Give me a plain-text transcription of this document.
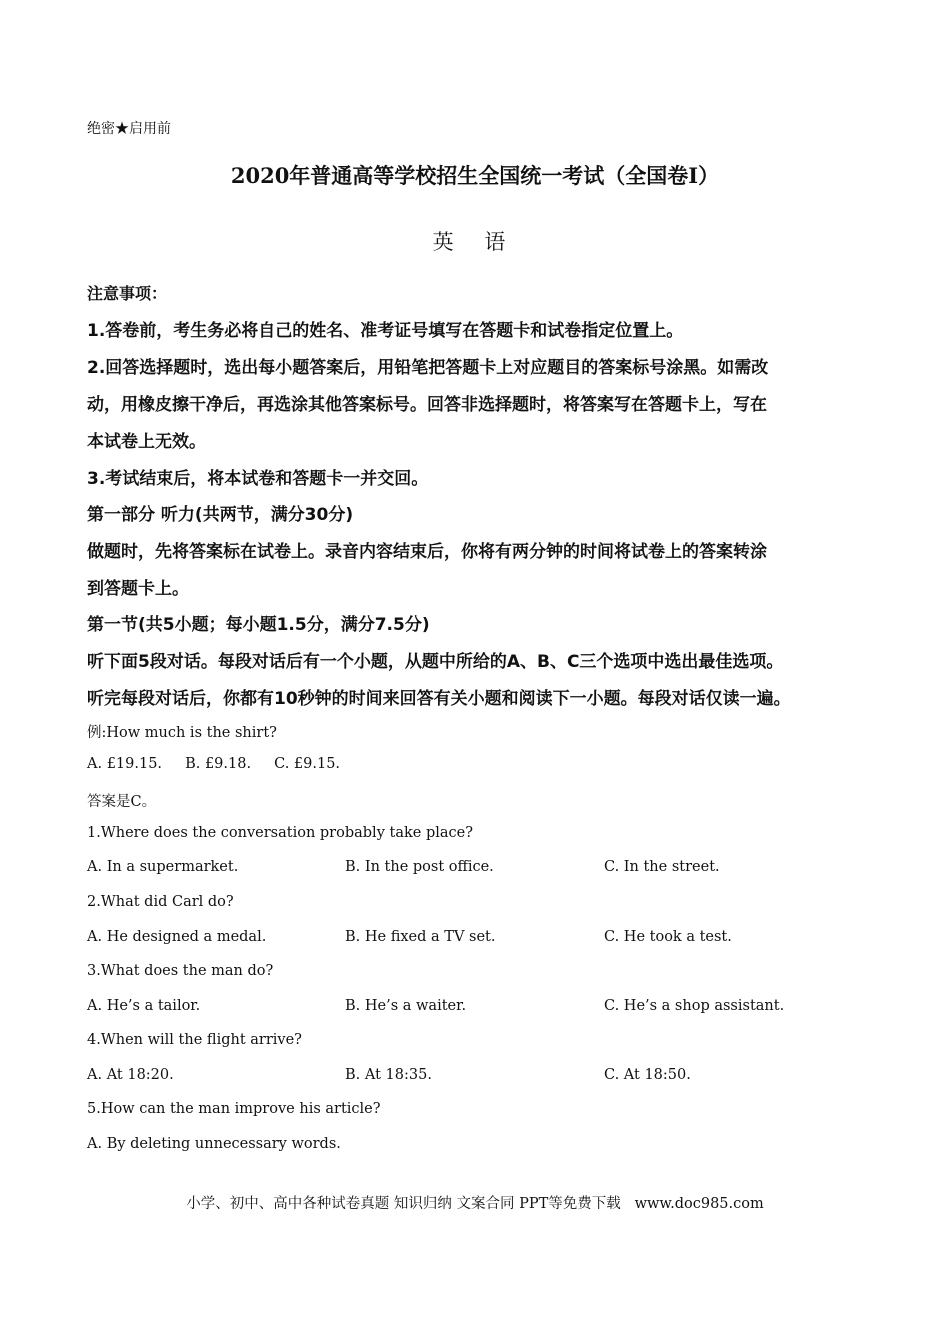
绝密★启用前
2020年普通高等学校招生全国统一考试（全国卷I）
英 语
注意事项：
1.答卷前，考生务必将自己的姓名、准考证号填写在答题卡和试卷指定位置上。
2.回答选择题时，选出每小题答案后，用铅笔把答题卡上对应题目的答案标号涂黑。如需改
动，用橡皮擦干净后，再选涂其他答案标号。回答非选择题时，将答案写在答题卡上，写在
本试卷上无效。
3.考试结束后，将本试卷和答题卡一并交回。
第一部分 听力(共两节，满分30分)
做题时，先将答案标在试卷上。录音内容结束后，你将有两分钟的时间将试卷上的答案转涂
到答题卡上。
第一节(共5小题；每小题1.5分，满分7.5分)
听下面5段对话。每段对话后有一个小题，从题中所给的A、B、C三个选项中选出最佳选项。
听完每段对话后，你都有10秒钟的时间来回答有关小题和阅读下一小题。每段对话仅读一遍。
例:How much is the shirt?
A. £19.15.     B. £9.18.     C. £9.15.
答案是C。
1.Where does the conversation probably take place?
A. In a supermarket.	B. In the post office.	C. In the street.
2.What did Carl do?
A. He designed a medal.	B. He fixed a TV set.	C. He took a test.
3.What does the man do?
A. He’s a tailor.	B. He’s a waiter.	C. He’s a shop assistant.
4.When will the flight arrive?
A. At 18:20.	B. At 18:35.	C. At 18:50.
5.How can the man improve his article?
A. By deleting unnecessary words.
小学、初中、高中各种试卷真题 知识归纳 文案合同 PPT等免费下载   www.doc985.com
